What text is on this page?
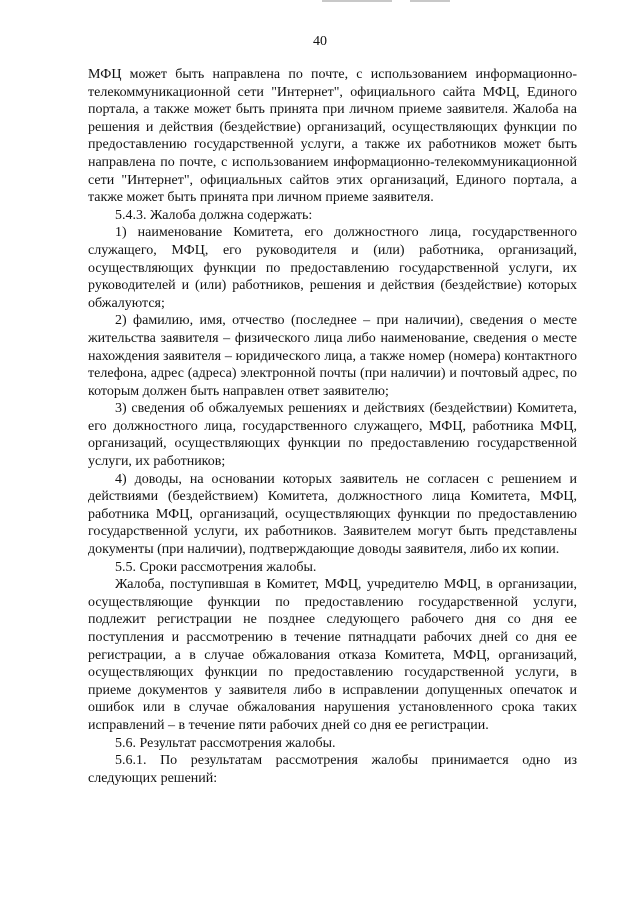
40

МФЦ может быть направлена по почте, с использованием информационно-телекоммуникационной сети "Интернет", официального сайта МФЦ, Единого портала, а также может быть принята при личном приеме заявителя. Жалоба на решения и действия (бездействие) организаций, осуществляющих функции по предоставлению государственной услуги, а также их работников может быть направлена по почте, с использованием информационно-телекоммуникационной сети "Интернет", официальных сайтов этих организаций, Единого портала, а также может быть принята при личном приеме заявителя.

5.4.3. Жалоба должна содержать:

1) наименование Комитета, его должностного лица, государственного служащего, МФЦ, его руководителя и (или) работника, организаций, осуществляющих функции по предоставлению государственной услуги, их руководителей и (или) работников, решения и действия (бездействие) которых обжалуются;

2) фамилию, имя, отчество (последнее – при наличии), сведения о месте жительства заявителя – физического лица либо наименование, сведения о месте нахождения заявителя – юридического лица, а также номер (номера) контактного телефона, адрес (адреса) электронной почты (при наличии) и почтовый адрес, по которым должен быть направлен ответ заявителю;

3) сведения об обжалуемых решениях и действиях (бездействии) Комитета, его должностного лица, государственного служащего, МФЦ, работника МФЦ, организаций, осуществляющих функции по предоставлению государственной услуги, их работников;

4) доводы, на основании которых заявитель не согласен с решением и действиями (бездействием) Комитета, должностного лица Комитета, МФЦ, работника МФЦ, организаций, осуществляющих функции по предоставлению государственной услуги, их работников. Заявителем могут быть представлены документы (при наличии), подтверждающие доводы заявителя, либо их копии.

5.5. Сроки рассмотрения жалобы.

Жалоба, поступившая в Комитет, МФЦ, учредителю МФЦ, в организации, осуществляющие функции по предоставлению государственной услуги, подлежит регистрации не позднее следующего рабочего дня со дня ее поступления и рассмотрению в течение пятнадцати рабочих дней со дня ее регистрации, а в случае обжалования отказа Комитета, МФЦ, организаций, осуществляющих функции по предоставлению государственной услуги, в приеме документов у заявителя либо в исправлении допущенных опечаток и ошибок или в случае обжалования нарушения установленного срока таких исправлений – в течение пяти рабочих дней со дня ее регистрации.

5.6. Результат рассмотрения жалобы.

5.6.1. По результатам рассмотрения жалобы принимается одно из следующих решений:
